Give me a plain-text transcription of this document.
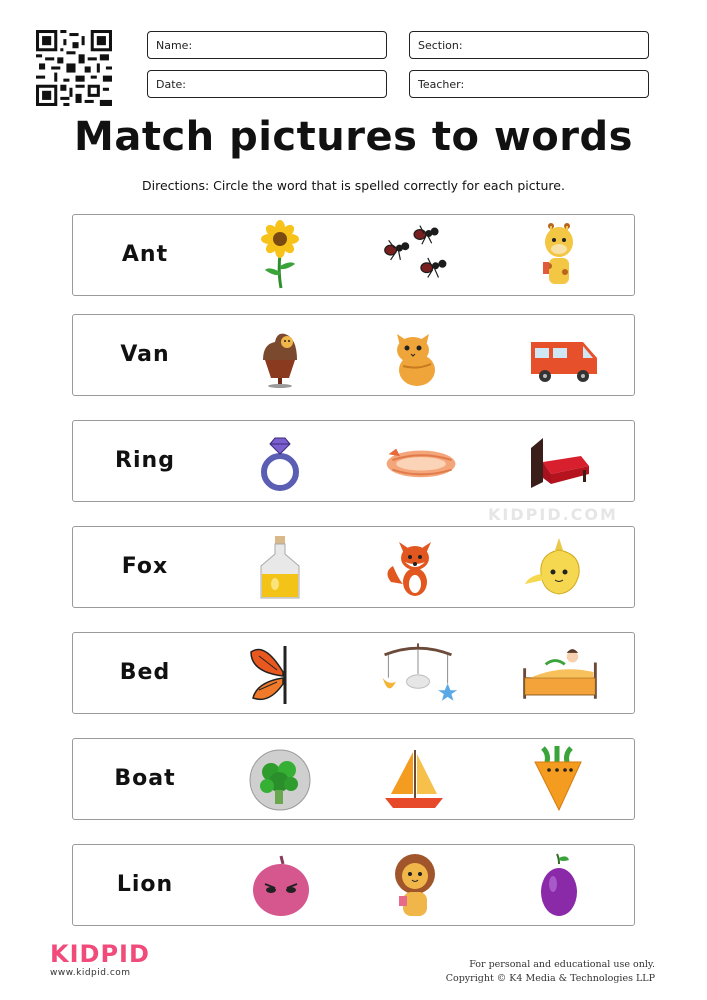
Name:	Section:
Date:	Teacher:
Match pictures to words
Directions: Circle the word that is spelled correctly for each picture.
Ant
Van
Ring
KIDPID.COM
Fox
Bed
Boat
Lion
KIDPID
www.kidpid.com
For personal and educational use only.
Copyright © K4 Media & Technologies LLP
